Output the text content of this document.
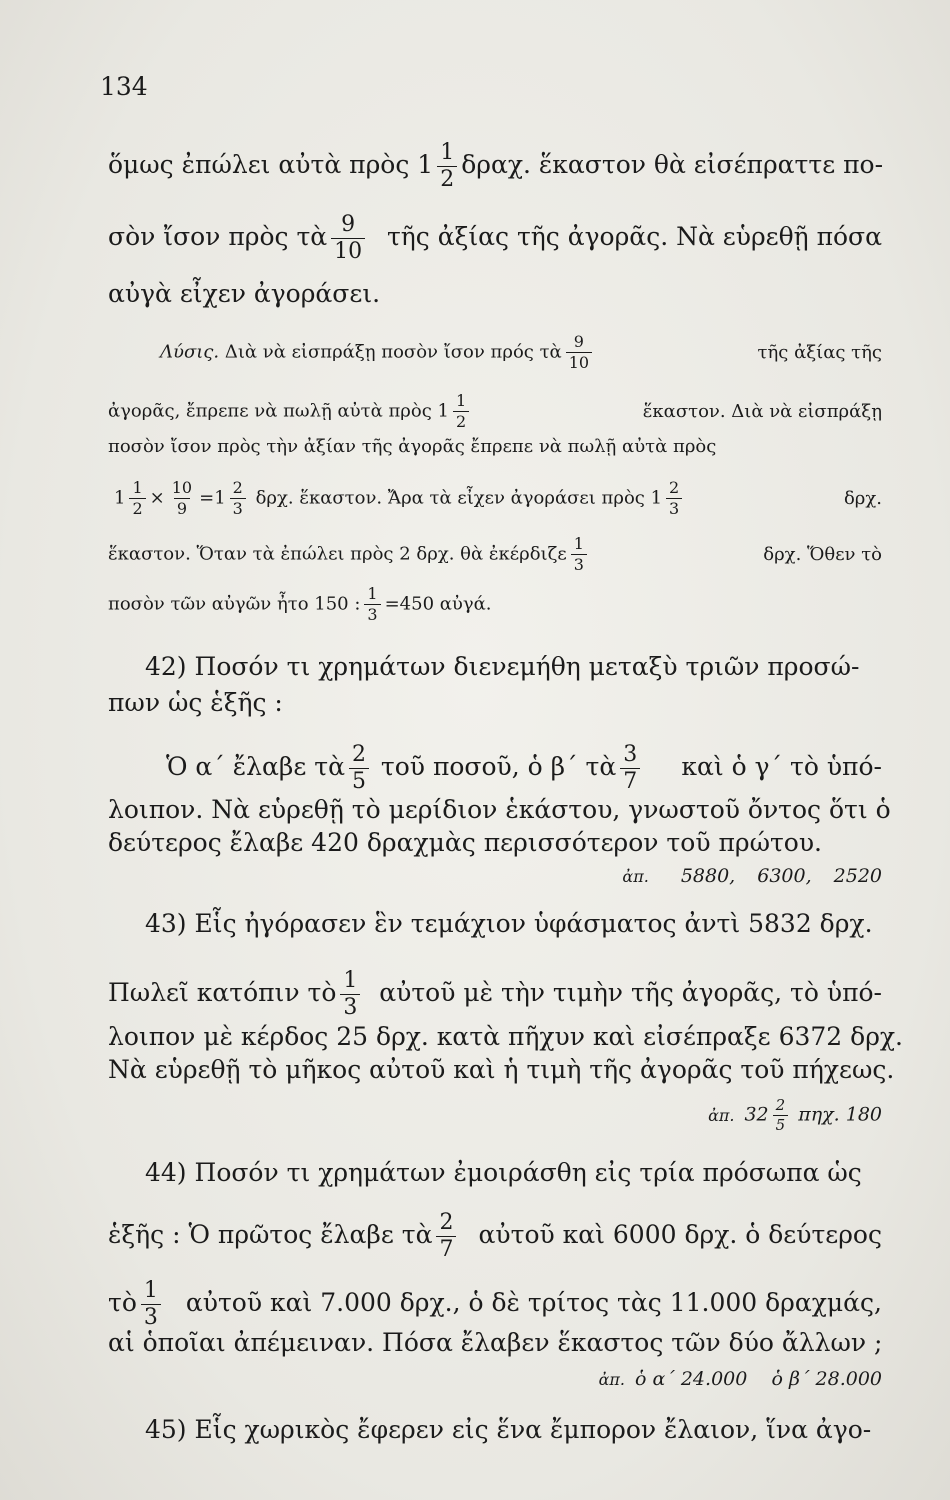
134
ὅμως ἐπώλει αὐτὰ πρὸς $1 \frac{1}{2} \delta\rho\alpha\chi$. ἕκαστον θὰ εἰσέπραττε πο-
σὸν ἴσον πρὸς τὰ $\frac{9}{10}$ τῆς ἀξίας τῆς ἀγορᾶς. Νὰ εὑρεθῇ πόσα
αὐγὰ εἶχεν ἀγοράσει.
Λύσις. Διὰ νὰ εἰσπράξῃ ποσὸν ἴσον πρός τὰ $\frac{9}{10}$	τῆς ἀξίας τῆς
ἀγορᾶς, ἔπρεπε νὰ πωλῇ αὐτὰ πρὸς $1 \frac{1}{2}$	ἕκαστον. Διὰ νὰ εἰσπράξῃ
ποσὸν ἴσον πρὸς τὴν ἀξίαν τῆς ἀγορᾶς ἔπρεπε νὰ πωλῇ αὐτὰ πρὸς
$1 \frac{1}{2} \times \frac{10}{9} =1 \frac{2}{3} \delta\rho\chi$. ἕκαστον. Ἄρα τὰ εἶχεν ἀγοράσει πρὸς $1 \frac{2}{3}$	δρχ.
ἕκαστον. Ὅταν τὰ ἐπώλει πρὸς 2 δρχ. θὰ ἐκέρδιζε $\frac{1}{3}$	δρχ. Ὅθεν τὸ
ποσὸν τῶν αὐγῶν ἦτο 150 : $\frac{1}{3} =450$ αὐγά.
42) Ποσόν τι χρημάτων διενεμήθη μεταξὺ τριῶν προσώ-
πων ὡς ἑξῆς :
Ὁ α΄ ἔλαβε τὰ $\frac{2}{5}$ τοῦ ποσοῦ, ὁ β΄ τὰ $\frac{3}{7}$ καὶ ὁ γ΄ τὸ ὑπό-
λοιπον. Νὰ εὑρεθῇ τὸ μερίδιον ἑκάστου, γνωστοῦ ὄντος ὅτι ὁ
δεύτερος ἔλαβε 420 δραχμὰς περισσότερον τοῦ πρώτου.
ἀπ. 5880, 6300, 2520
43) Εἷς ἠγόρασεν ἓν τεμάχιον ὑφάσματος ἀντὶ 5832 δρχ.
Πωλεῖ κατόπιν τὸ $\frac{1}{3}$ αὐτοῦ μὲ τὴν τιμὴν τῆς ἀγορᾶς, τὸ ὑπό-
λοιπον μὲ κέρδος 25 δρχ. κατὰ πῆχυν καὶ εἰσέπραξε 6372 δρχ.
Νὰ εὑρεθῇ τὸ μῆκος αὐτοῦ καὶ ἡ τιμὴ τῆς ἀγορᾶς τοῦ πήχεως.
ἀπ. $32 \frac{2}{5} \pi\eta\chi$. 180
44) Ποσόν τι χρημάτων ἐμοιράσθη εἰς τρία πρόσωπα ὡς
ἑξῆς : Ὁ πρῶτος ἔλαβε τὰ $\frac{2}{7}$ αὐτοῦ καὶ 6000 δρχ. ὁ δεύτερος
τὸ $\frac{1}{3}$ αὐτοῦ καὶ 7.000 δρχ., ὁ δὲ τρίτος τὰς 11.000 δραχμάς,
αἱ ὁποῖαι ἀπέμειναν. Πόσα ἔλαβεν ἕκαστος τῶν δύο ἄλλων ;
ἀπ. ὁ α΄ 24.000 ὁ β΄ 28.000
45) Εἷς χωρικὸς ἔφερεν εἰς ἕνα ἔμπορον ἔλαιον, ἵνα ἀγο-
